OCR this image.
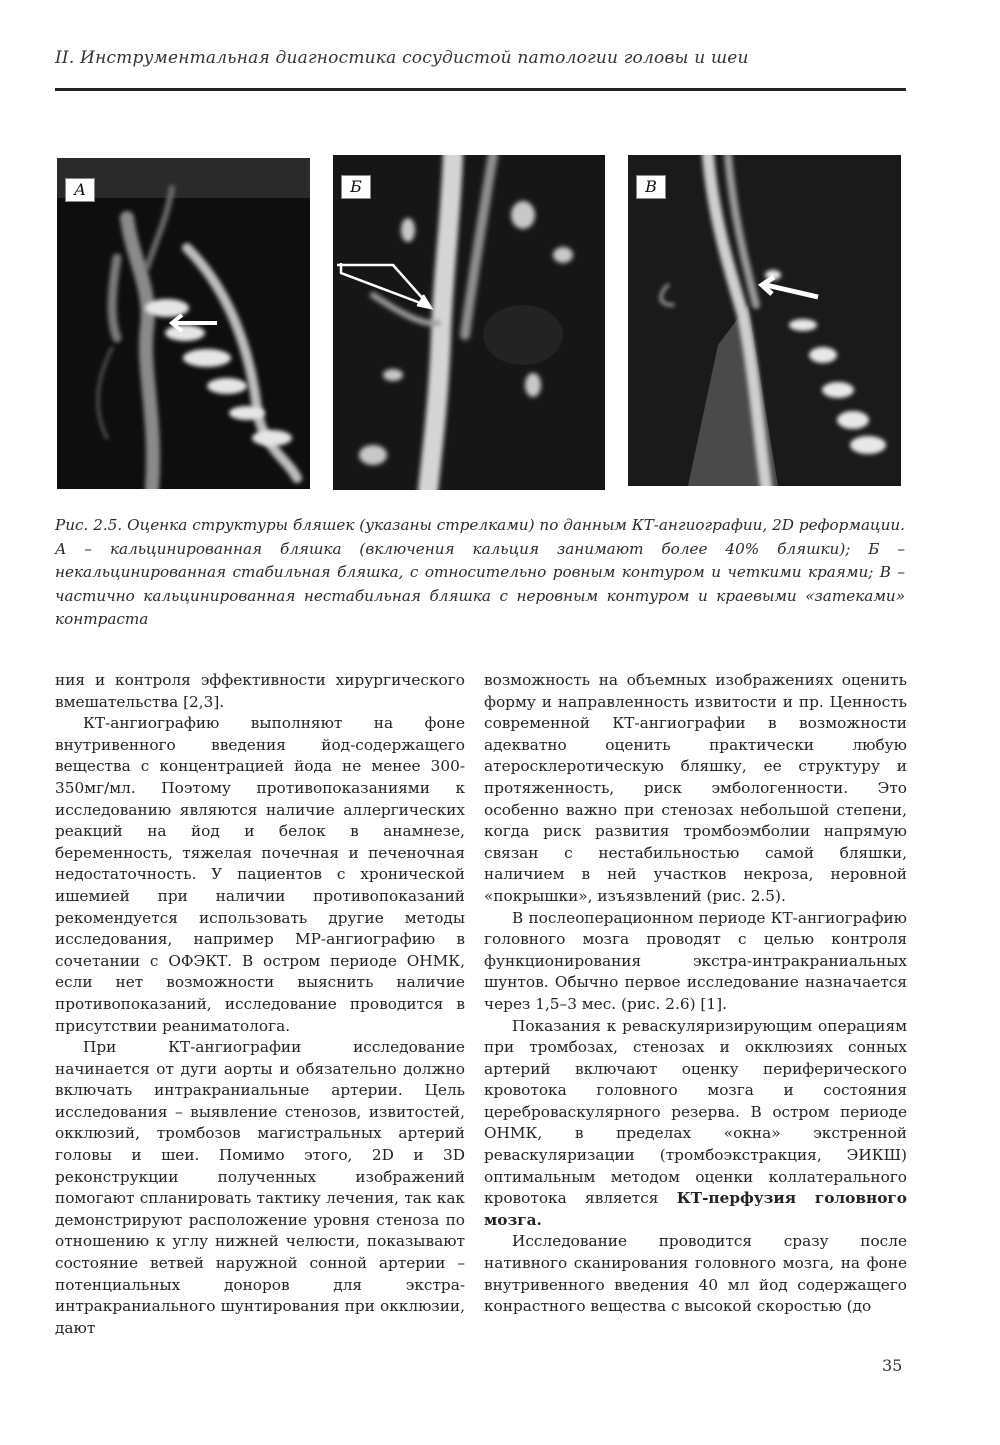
II. Инструментальная диагностика сосудистой патологии головы и шеи
А	Б	В
Рис. 2.5. Оценка структуры бляшек (указаны стрелками) по данным КТ-ангиографии, 2D реформации. А – кальцинированная бляшка (включения кальция занимают более 40% бляшки); Б – некальцинированная стабильная бляшка, с относительно ровным контуром и четкими краями; В – частично кальцинированная нестабильная бляшка с неровным контуром и краевыми «затеками» контраста

ния и контроля эффективности хирургического вмешательства [2,3].

КТ-ангиографию выполняют на фоне внутривенного введения йод-содержащего вещества с концентрацией йода не менее 300-350мг/мл. Поэтому противопоказаниями к исследованию являются наличие аллергических реакций на йод и белок в анамнезе, беременность, тяжелая почечная и печеночная недостаточность. У пациентов с хронической ишемией при наличии противопоказаний рекомендуется использовать другие методы исследования, например МР-ангиографию в сочетании с ОФЭКТ. В остром периоде ОНМК, если нет возможности выяснить наличие противопоказаний, исследование проводится в присутствии реаниматолога.

При КТ-ангиографии исследование начинается от дуги аорты и обязательно должно включать интракраниальные артерии. Цель исследования – выявление стенозов, извитостей, окклюзий, тромбозов магистральных артерий головы и шеи. Помимо этого, 2D и 3D реконструкции полученных изображений помогают спланировать тактику лечения, так как демонстрируют расположение уровня стеноза по отношению к углу нижней челюсти, показывают состояние ветвей наружной сонной артерии – потенциальных доноров для экстра-интракраниального шунтирования при окклюзии, дают

возможность на объемных изображениях оценить форму и направленность извитости и пр. Ценность современной КТ-ангиографии в возможности адекватно оценить практически любую атеросклеротическую бляшку, ее структуру и протяженность, риск эмбологенности. Это особенно важно при стенозах небольшой степени, когда риск развития тромбоэмболии напрямую связан с нестабильностью самой бляшки, наличием в ней участков некроза, неровной «покрышки», изъязвлений (рис. 2.5).

В послеоперационном периоде КТ-ангиографию головного мозга проводят с целью контроля функционирования экстра-интракраниальных шунтов. Обычно первое исследование назначается через 1,5–3 мес. (рис. 2.6) [1].

Показания к реваскуляризирующим операциям при тромбозах, стенозах и окклюзиях сонных артерий включают оценку периферического кровотока головного мозга и состояния цереброваскулярного резерва. В остром периоде ОНМК, в пределах «окна» экстренной реваскуляризации (тромбоэкстракция, ЭИКШ) оптимальным методом оценки коллатерального кровотока является КТ-перфузия головного мозга.

Исследование проводится сразу после нативного сканирования головного мозга, на фоне внутривенного введения 40 мл йод содержащего конрастного вещества с высокой скоростью (до

35
